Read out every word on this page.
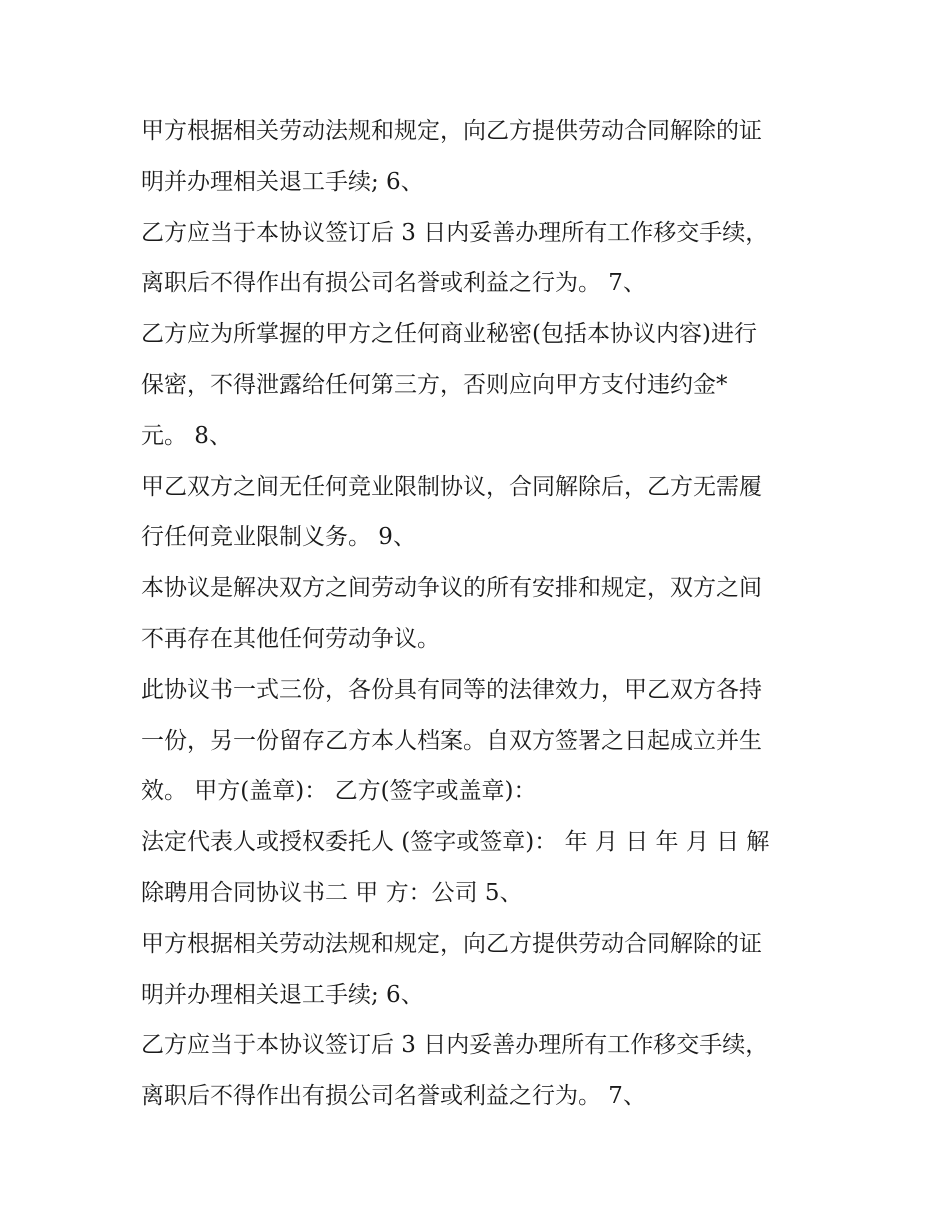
甲方根据相关劳动法规和规定，向乙方提供劳动合同解除的证
明并办理相关退工手续; 6、
乙方应当于本协议签订后 3 日内妥善办理所有工作移交手续，
离职后不得作出有损公司名誉或利益之行为。 7、
乙方应为所掌握的甲方之任何商业秘密(包括本协议内容)进行
保密，不得泄露给任何第三方，否则应向甲方支付违约金*
元。 8、
甲乙双方之间无任何竞业限制协议，合同解除后，乙方无需履
行任何竞业限制义务。 9、
本协议是解决双方之间劳动争议的所有安排和规定，双方之间
不再存在其他任何劳动争议。
此协议书一式三份，各份具有同等的法律效力，甲乙双方各持
一份，另一份留存乙方本人档案。自双方签署之日起成立并生
效。 甲方(盖章)： 乙方(签字或盖章)：
法定代表人或授权委托人 (签字或签章)： 年 月 日 年 月 日 解
除聘用合同协议书二 甲 方：公司 5、
甲方根据相关劳动法规和规定，向乙方提供劳动合同解除的证
明并办理相关退工手续; 6、
乙方应当于本协议签订后 3 日内妥善办理所有工作移交手续，
离职后不得作出有损公司名誉或利益之行为。 7、
